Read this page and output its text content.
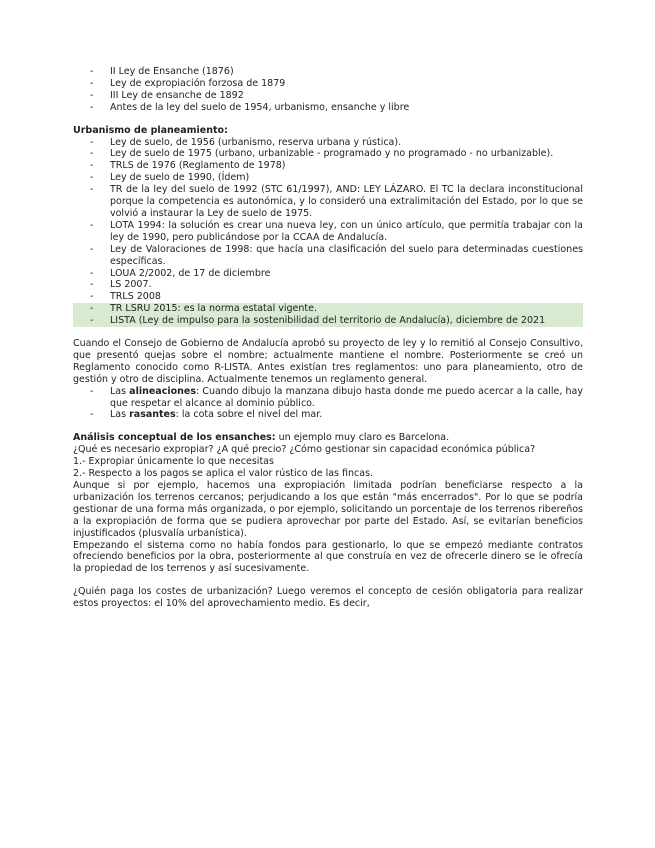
- II Ley de Ensanche (1876)
- Ley de expropiación forzosa de 1879
- III Ley de ensanche de 1892
- Antes de la ley del suelo de 1954, urbanismo, ensanche y libre
Urbanismo de planeamiento:
- Ley de suelo, de 1956 (urbanismo, reserva urbana y rústica).
- Ley de suelo de 1975 (urbano, urbanizable - programado y no programado - no urbanizable).
- TRLS de 1976 (Reglamento de 1978)
- Ley de suelo de 1990, (Ídem)
- TR de la ley del suelo de 1992 (STC 61/1997), AND: LEY LÁZARO. El TC la declara inconstitucional porque la competencia es autonómica, y lo consideró una extralimitación del Estado, por lo que se volvió a instaurar la Ley de suelo de 1975.
- LOTA 1994: la solución es crear una nueva ley, con un único artículo, que permitía trabajar con la ley de 1990, pero publicándose por la CCAA de Andalucía.
- Ley de Valoraciones de 1998: que hacía una clasificación del suelo para determinadas cuestiones específicas.
- LOUA 2/2002, de 17 de diciembre
- LS 2007.
- TRLS 2008
- TR LSRU 2015: es la norma estatal vigente.
- LISTA (Ley de impulso para la sostenibilidad del territorio de Andalucía), diciembre de 2021

Cuando el Consejo de Gobierno de Andalucía aprobó su proyecto de ley y lo remitió al Consejo Consultivo, que presentó quejas sobre el nombre; actualmente mantiene el nombre. Posteriormente se creó un Reglamento conocido como R-LISTA. Antes existían tres reglamentos: uno para planeamiento, otro de gestión y otro de disciplina. Actualmente tenemos un reglamento general.

- Las alineaciones: Cuando dibujo la manzana dibujo hasta donde me puedo acercar a la calle, hay que respetar el alcance al dominio público.
- Las rasantes: la cota sobre el nivel del mar.

Análisis conceptual de los ensanches: un ejemplo muy claro es Barcelona.

¿Qué es necesario expropiar? ¿A qué precio? ¿Cómo gestionar sin capacidad económica pública?

1.- Expropiar únicamente lo que necesitas

2.- Respecto a los pagos se aplica el valor rústico de las fincas.

Aunque si por ejemplo, hacemos una expropiación limitada podrían beneficiarse respecto a la urbanización los terrenos cercanos; perjudicando a los que están "más encerrados". Por lo que se podría gestionar de una forma más organizada, o por ejemplo, solicitando un porcentaje de los terrenos ribereños a la expropiación de forma que se pudiera aprovechar por parte del Estado. Así, se evitarían beneficios injustificados (plusvalía urbanística).

Empezando el sistema como no había fondos para gestionarlo, lo que se empezó mediante contratos ofreciendo beneficios por la obra, posteriormente al que construía en vez de ofrecerle dinero se le ofrecía la propiedad de los terrenos y así sucesivamente.

¿Quién paga los costes de urbanización? Luego veremos el concepto de cesión obligatoria para realizar estos proyectos: el 10% del aprovechamiento medio. Es decir,
